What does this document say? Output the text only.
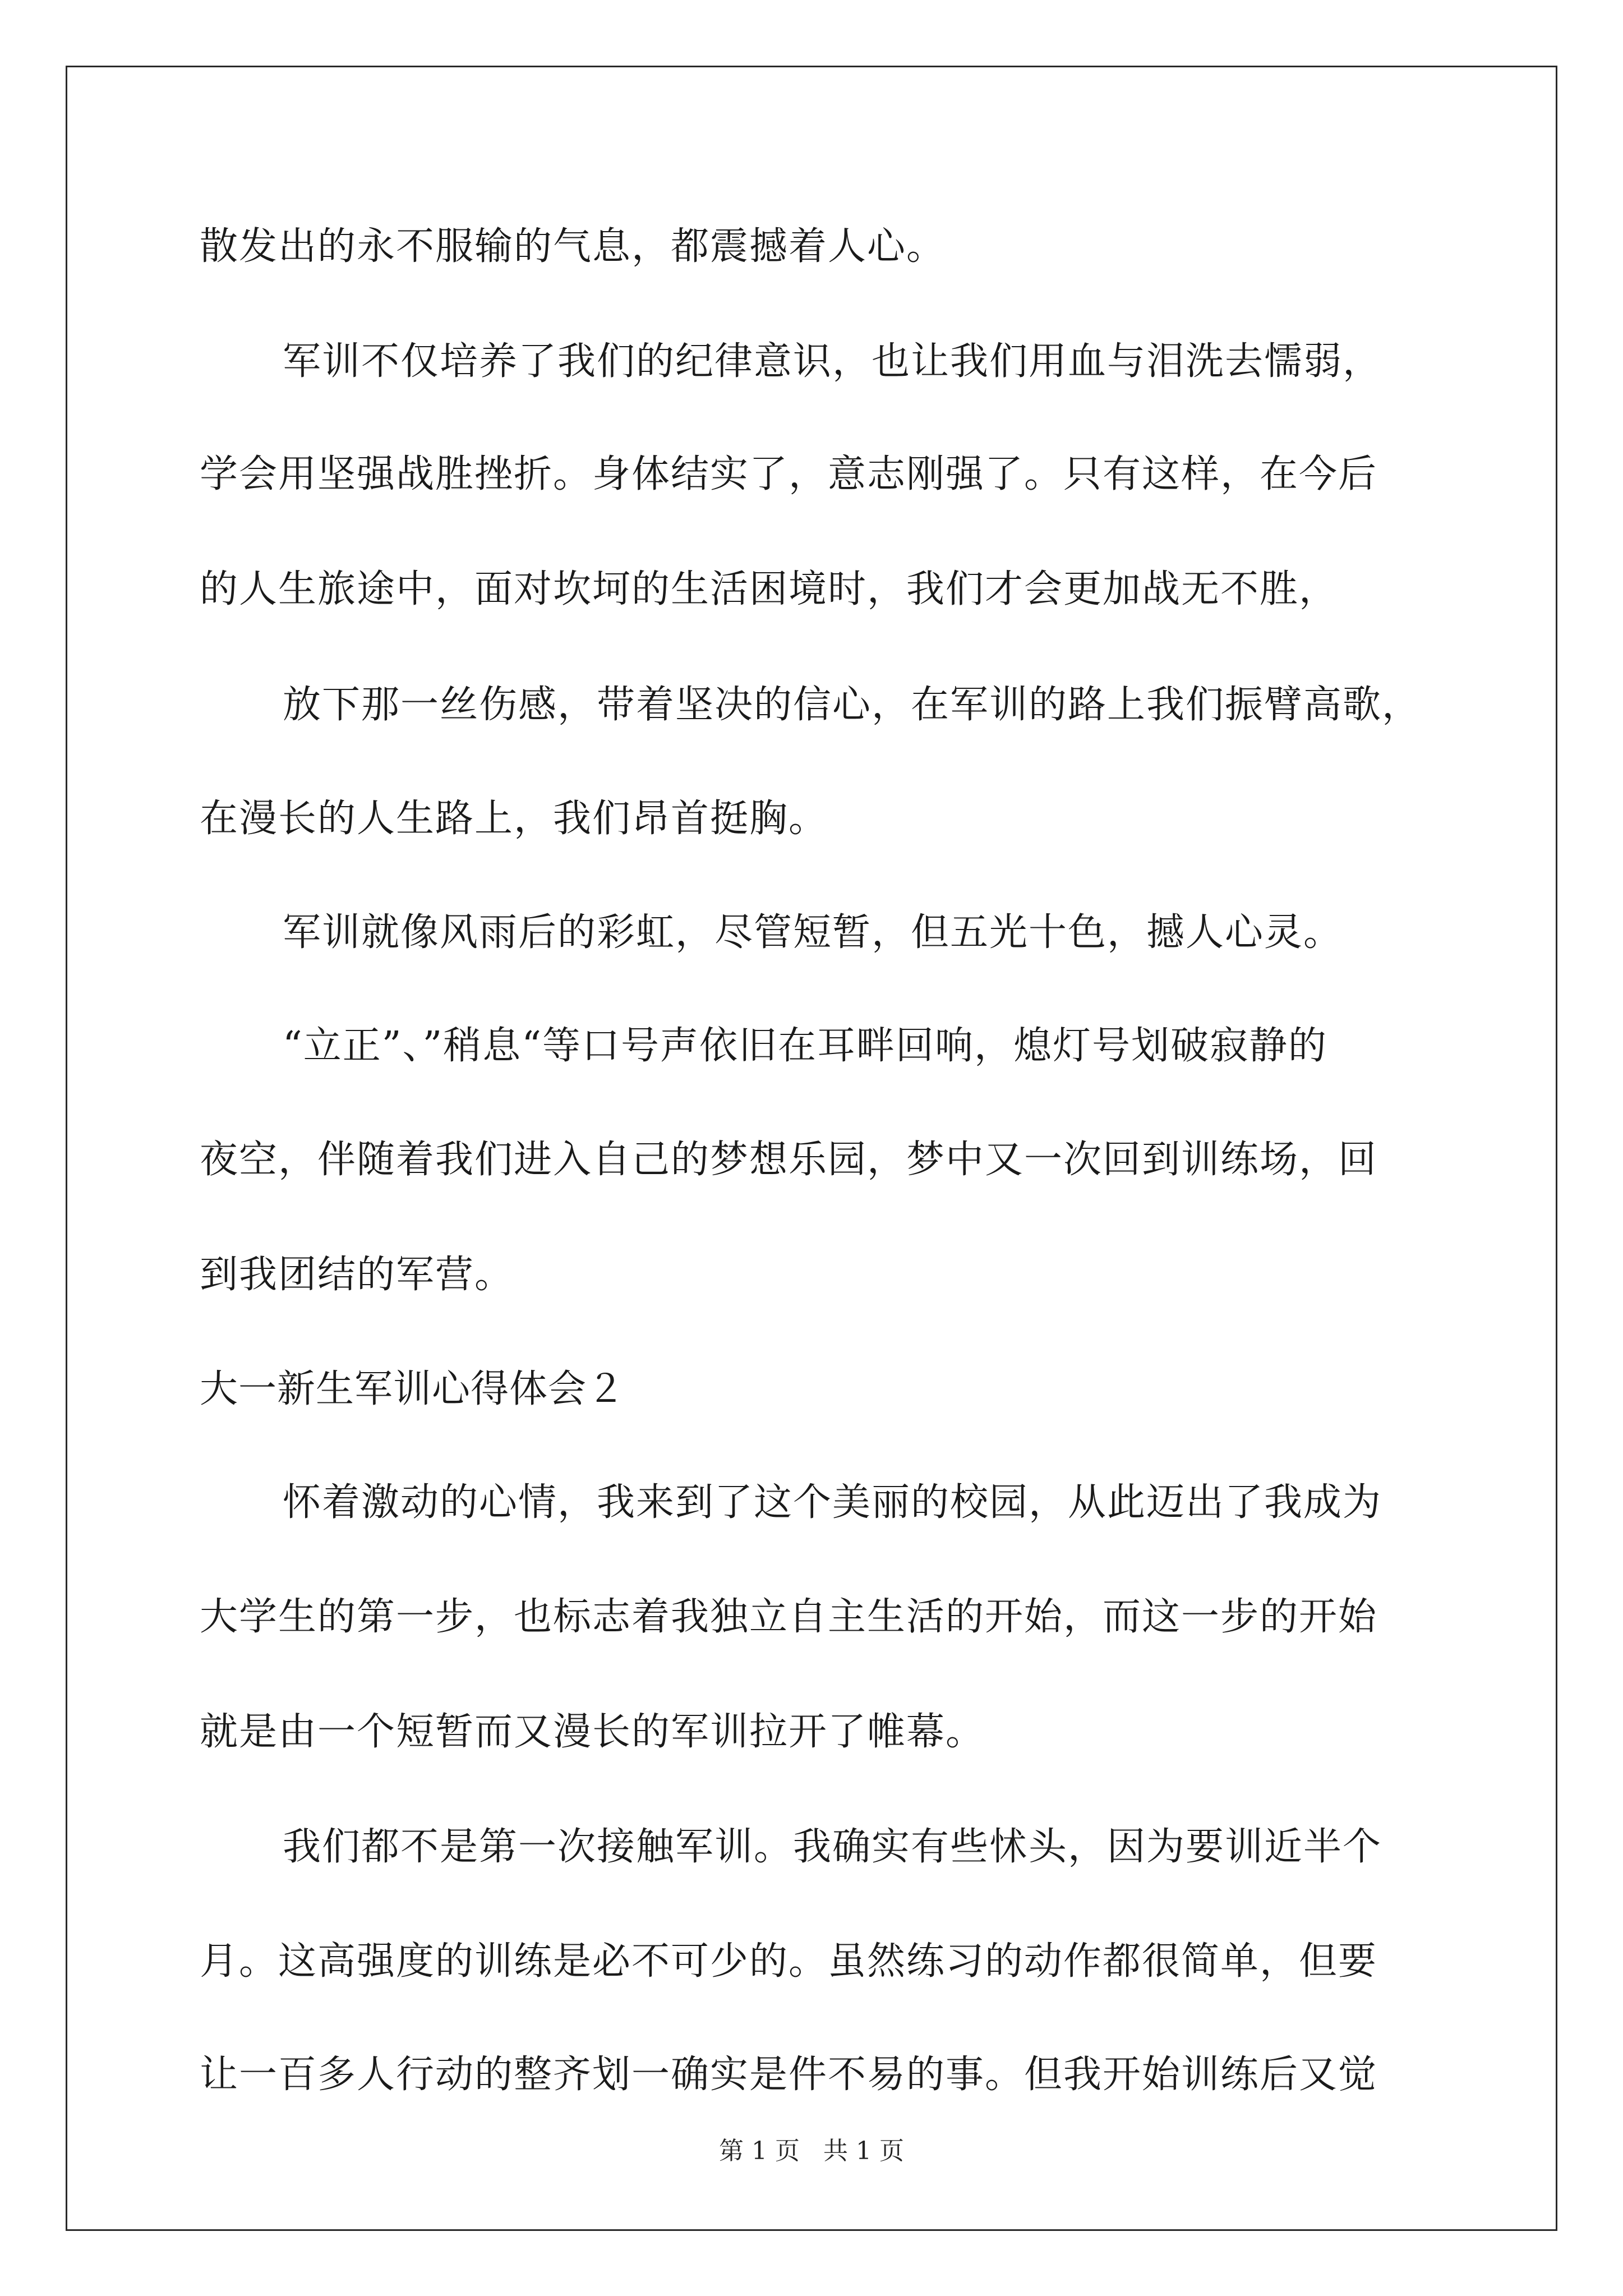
散发出的永不服输的气息，都震撼着人心。
军训不仅培养了我们的纪律意识，也让我们用血与泪洗去懦弱，
学会用坚强战胜挫折。身体结实了，意志刚强了。只有这样，在今后
的人生旅途中，面对坎坷的生活困境时，我们才会更加战无不胜，
放下那一丝伤感，带着坚决的信心，在军训的路上我们振臂高歌，
在漫长的人生路上，我们昂首挺胸。
军训就像风雨后的彩虹，尽管短暂，但五光十色，撼人心灵。
“立正”、”稍息“等口号声依旧在耳畔回响，熄灯号划破寂静的
夜空，伴随着我们进入自己的梦想乐园，梦中又一次回到训练场，回
到我团结的军营。
大一新生军训心得体会２
怀着激动的心情，我来到了这个美丽的校园，从此迈出了我成为
大学生的第一步，也标志着我独立自主生活的开始，而这一步的开始
就是由一个短暂而又漫长的军训拉开了帷幕。
我们都不是第一次接触军训。我确实有些怵头，因为要训近半个
月。这高强度的训练是必不可少的。虽然练习的动作都很简单，但要
让一百多人行动的整齐划一确实是件不易的事。但我开始训练后又觉
第 1 页   共 1 页
